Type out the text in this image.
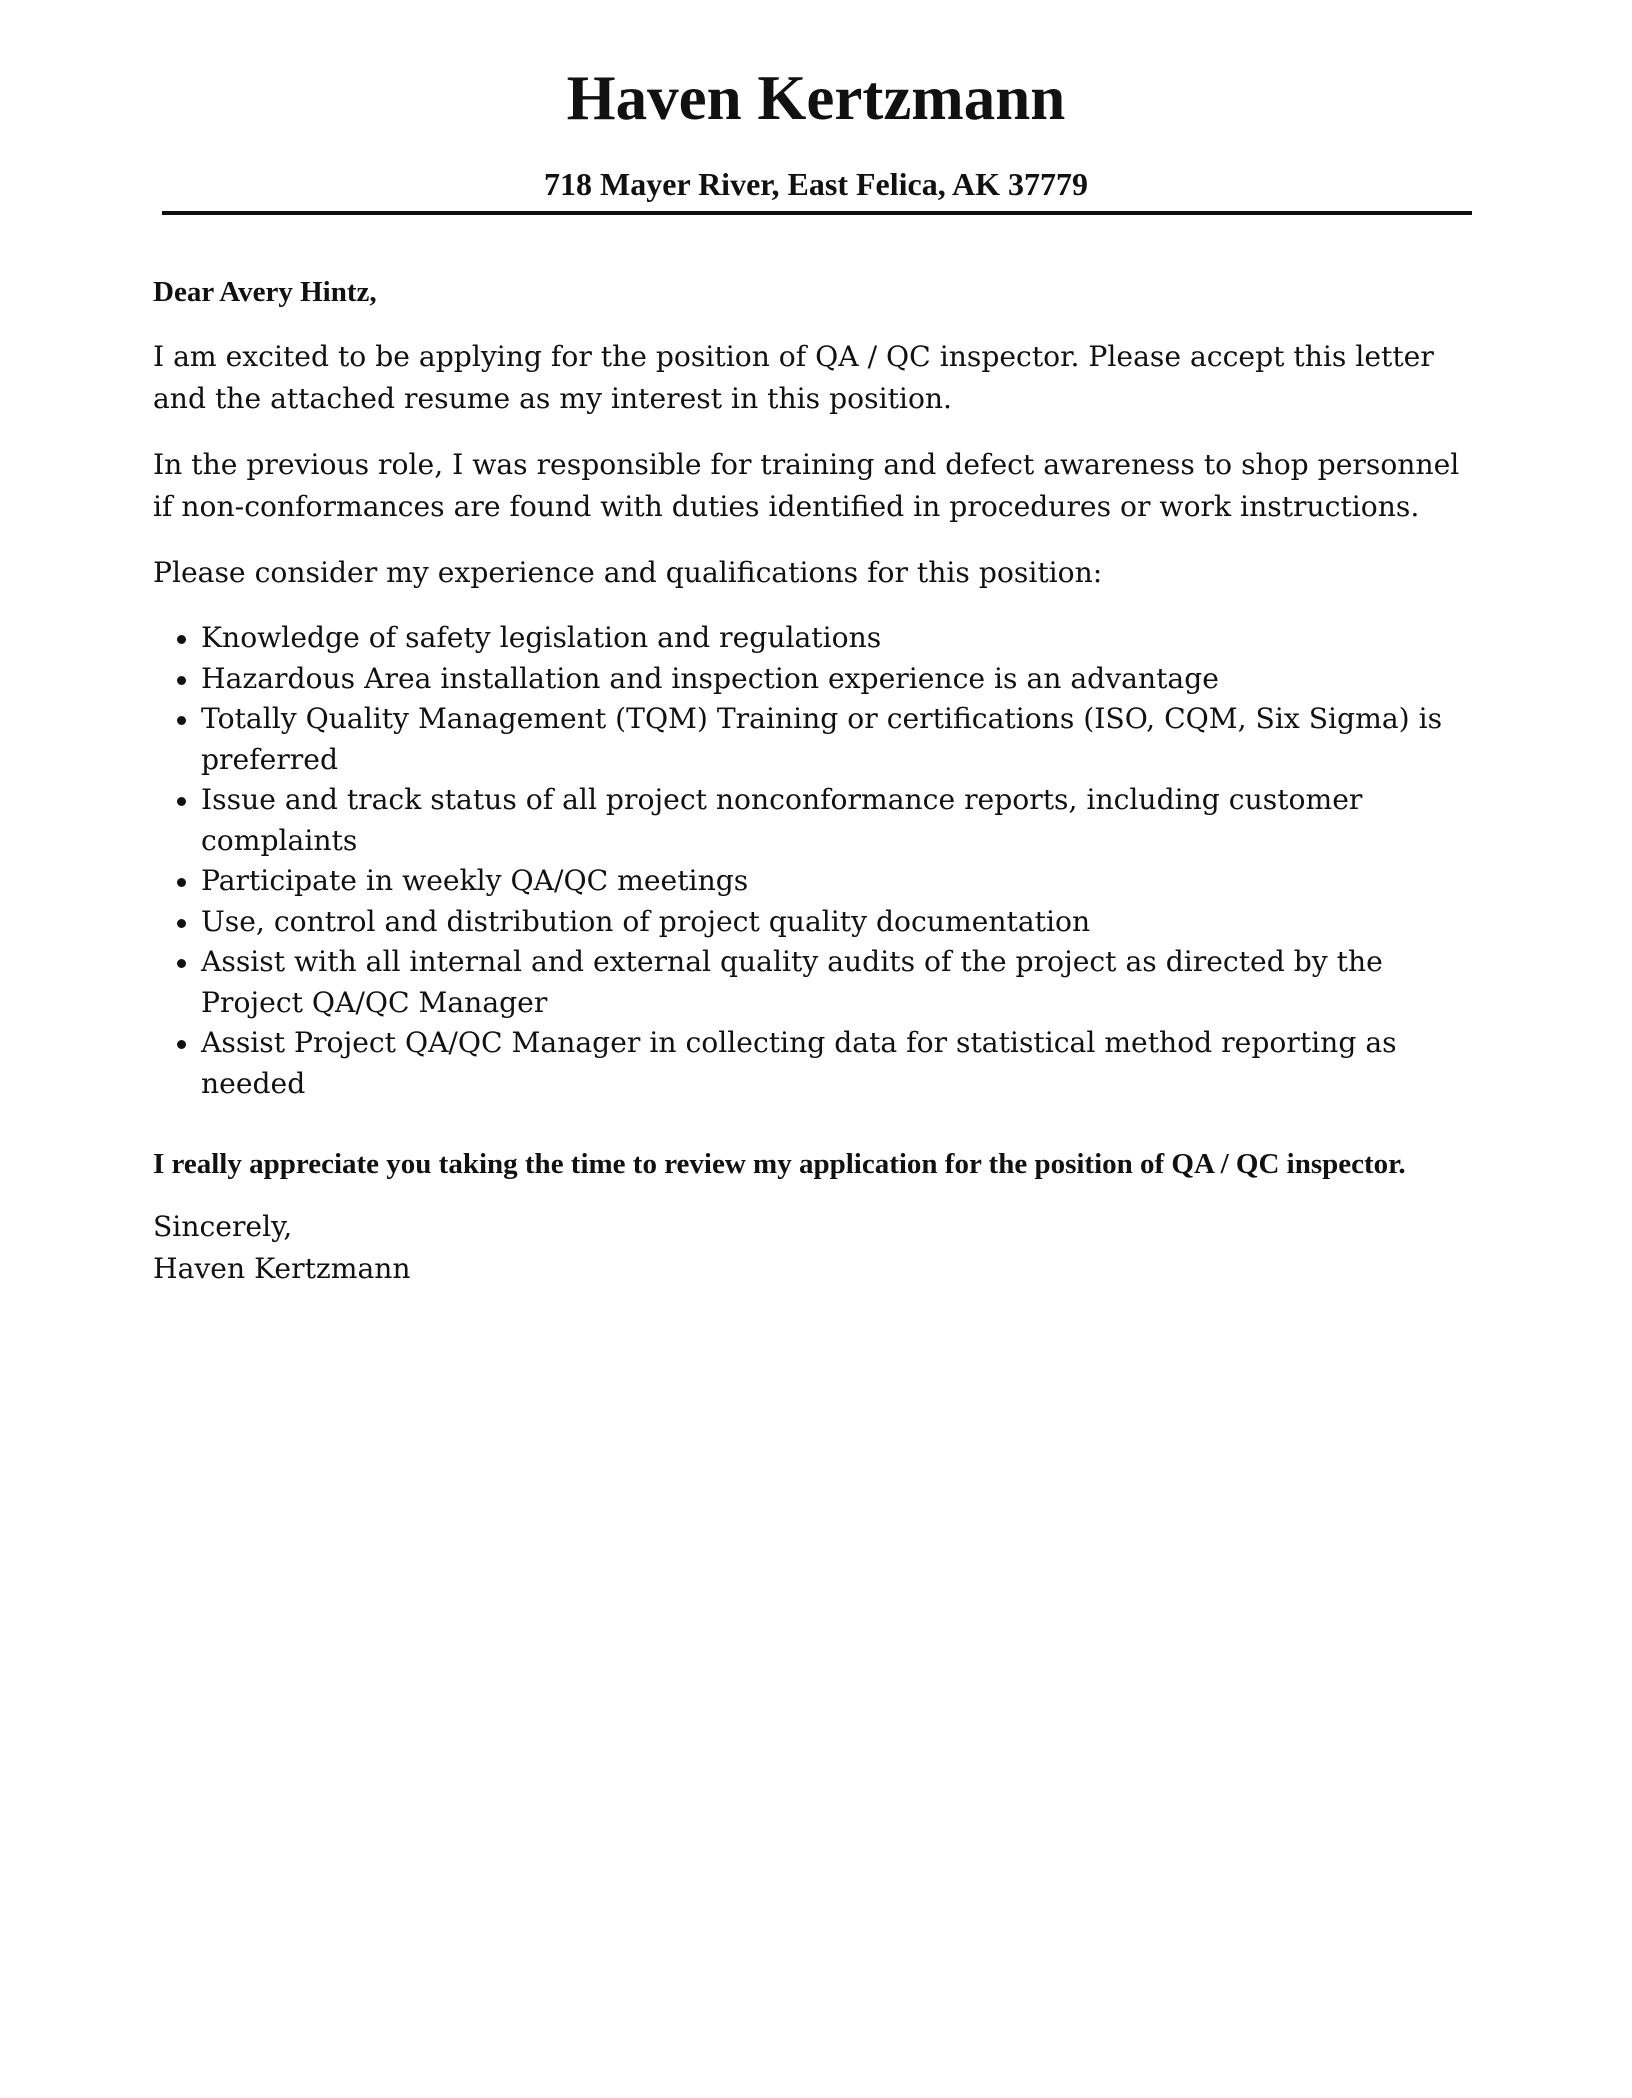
Haven Kertzmann
718 Mayer River, East Felica, AK 37779

Dear Avery Hintz,

I am excited to be applying for the position of QA / QC inspector. Please accept this letter and the attached resume as my interest in this position.

In the previous role, I was responsible for training and defect awareness to shop personnel if non-conformances are found with duties identified in procedures or work instructions.

Please consider my experience and qualifications for this position:

Knowledge of safety legislation and regulations
Hazardous Area installation and inspection experience is an advantage
Totally Quality Management (TQM) Training or certifications (ISO, CQM, Six Sigma) is preferred
Issue and track status of all project nonconformance reports, including customer complaints
Participate in weekly QA/QC meetings
Use, control and distribution of project quality documentation
Assist with all internal and external quality audits of the project as directed by the Project QA/QC Manager
Assist Project QA/QC Manager in collecting data for statistical method reporting as needed

I really appreciate you taking the time to review my application for the position of QA / QC inspector.

Sincerely,
Haven Kertzmann
